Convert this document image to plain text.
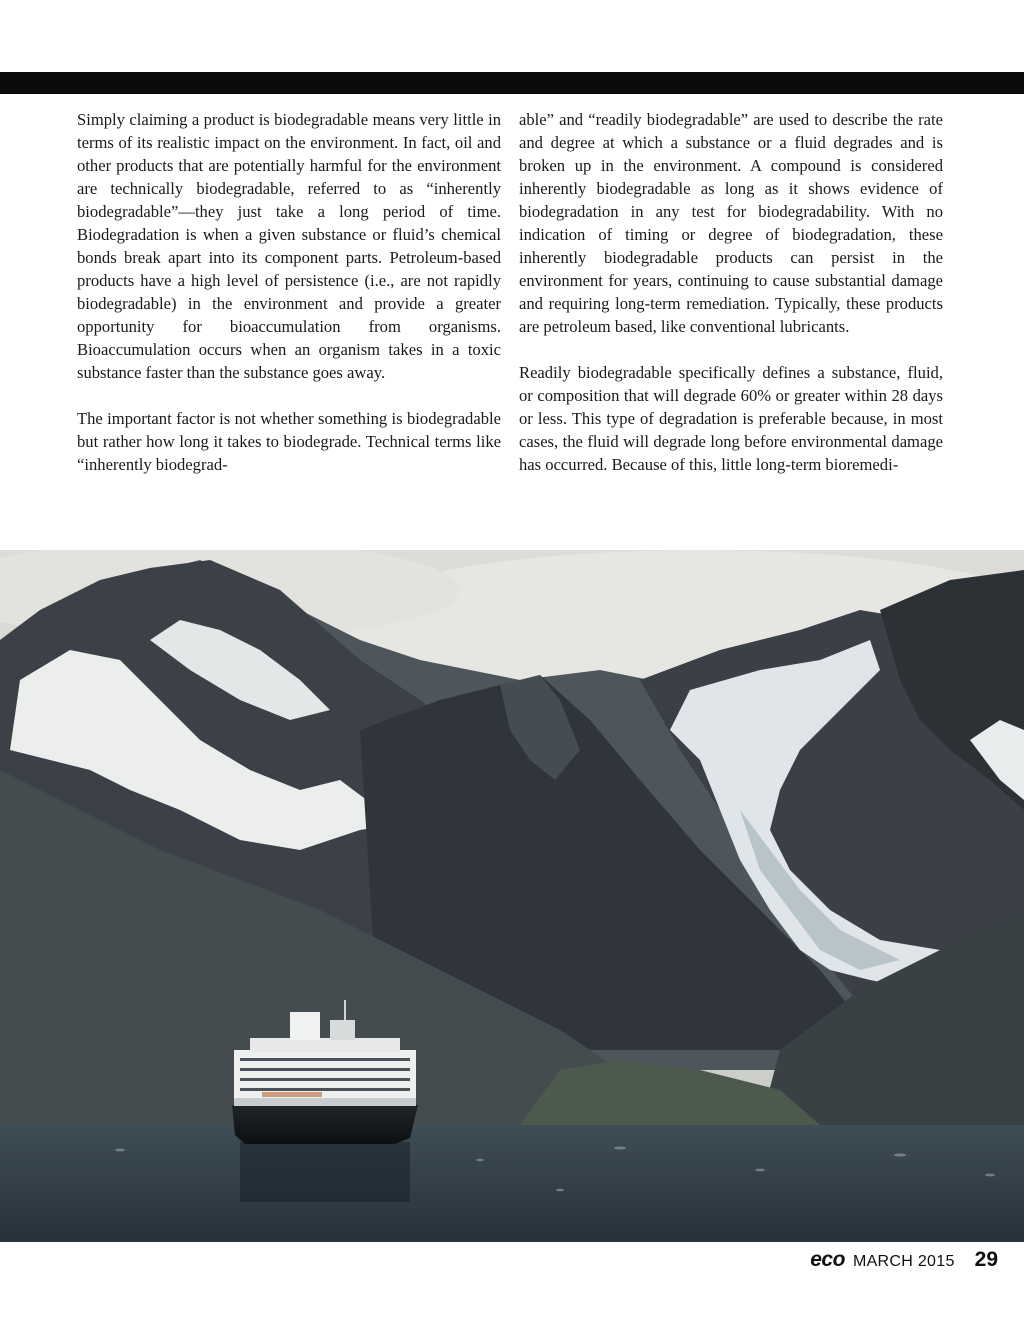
Simply claiming a product is biodegradable means very little in terms of its realistic impact on the environment. In fact, oil and other products that are potentially harmful for the environment are technically biodegradable, referred to as “inherently biodegradable”—they just take a long period of time. Biodegradation is when a given substance or fluid’s chemical bonds break apart into its component parts. Petroleum-based products have a high level of persistence (i.e., are not rapidly biodegradable) in the environment and provide a greater opportunity for bioaccumulation from organisms. Bioaccumulation occurs when an organism takes in a toxic substance faster than the substance goes away.

The important factor is not whether something is biodegradable but rather how long it takes to biodegrade. Technical terms like “inherently biodegrad-

able” and “readily biodegradable” are used to describe the rate and degree at which a substance or a fluid degrades and is broken up in the environment. A compound is considered inherently biodegradable as long as it shows evidence of biodegradation in any test for biodegradability. With no indication of timing or degree of biodegradation, these inherently biodegradable products can persist in the environment for years, continuing to cause substantial damage and requiring long-term remediation. Typically, these products are petroleum based, like conventional lubricants.

Readily biodegradable specifically defines a substance, fluid, or composition that will degrade 60% or greater within 28 days or less. This type of degradation is preferable because, in most cases, the fluid will degrade long before environmental damage has occurred. Because of this, little long-term bioremedi-

eco MARCH 2015 29
